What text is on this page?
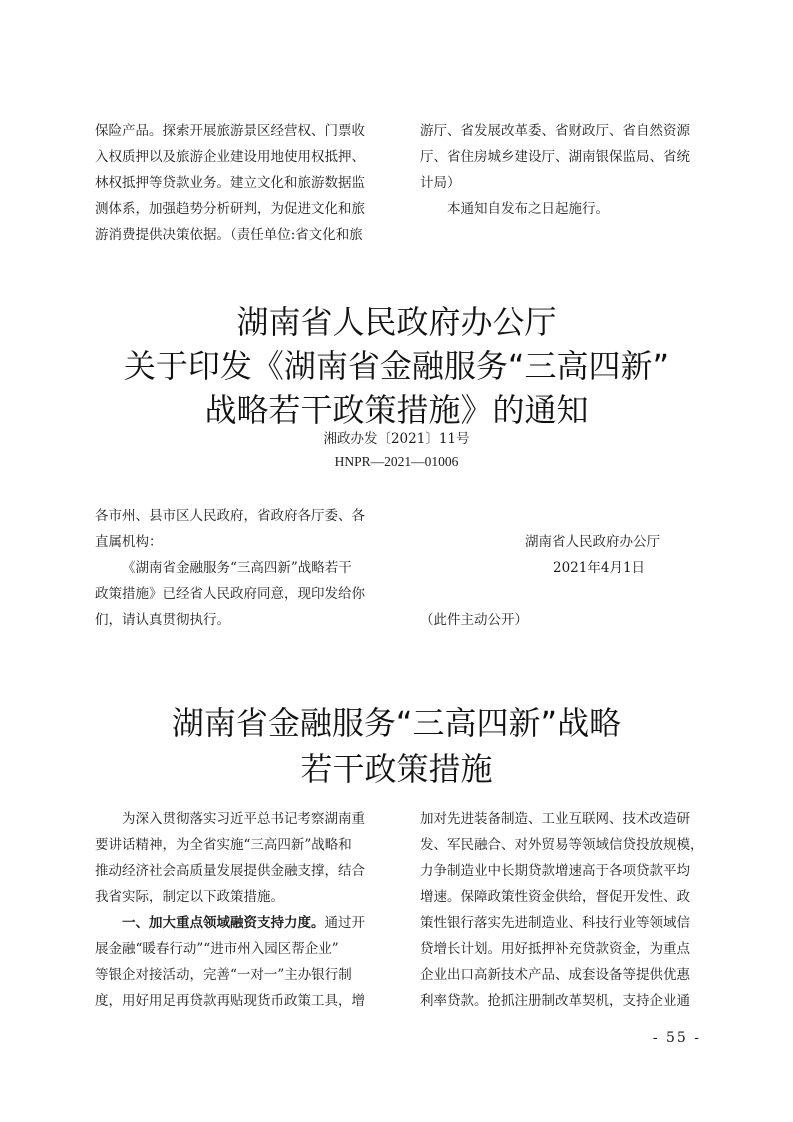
保险产品。探索开展旅游景区经营权、门票收

入权质押以及旅游企业建设用地使用权抵押、

林权抵押等贷款业务。建立文化和旅游数据监

测体系，加强趋势分析研判，为促进文化和旅

游消费提供决策依据。（责任单位:省文化和旅

游厅、省发展改革委、省财政厅、省自然资源

厅、省住房城乡建设厅、湖南银保监局、省统

计局）

本通知自发布之日起施行。

湖南省人民政府办公厅
关于印发《湖南省金融服务“三高四新”
战略若干政策措施》的通知
湘政办发〔2021〕11号
HNPR—2021—01006

各市州、县市区人民政府，省政府各厅委、各

直属机构：

《湖南省金融服务“三高四新”战略若干

政策措施》已经省人民政府同意，现印发给你

们，请认真贯彻执行。

湖南省人民政府办公厅
2021年4月1日
（此件主动公开）
湖南省金融服务“三高四新”战略
若干政策措施

为深入贯彻落实习近平总书记考察湖南重

要讲话精神，为全省实施“三高四新”战略和

推动经济社会高质量发展提供金融支撑，结合

我省实际，制定以下政策措施。

一、加大重点领域融资支持力度。通过开

展金融“暖春行动”“进市州入园区帮企业”

等银企对接活动，完善“一对一”主办银行制

度，用好用足再贷款再贴现货币政策工具，增

加对先进装备制造、工业互联网、技术改造研

发、军民融合、对外贸易等领域信贷投放规模，

力争制造业中长期贷款增速高于各项贷款平均

增速。保障政策性资金供给，督促开发性、政

策性银行落实先进制造业、科技行业等领域信

贷增长计划。用好抵押补充贷款资金，为重点

企业出口高新技术产品、成套设备等提供优惠

利率贷款。抢抓注册制改革契机，支持企业通

- 55 -
